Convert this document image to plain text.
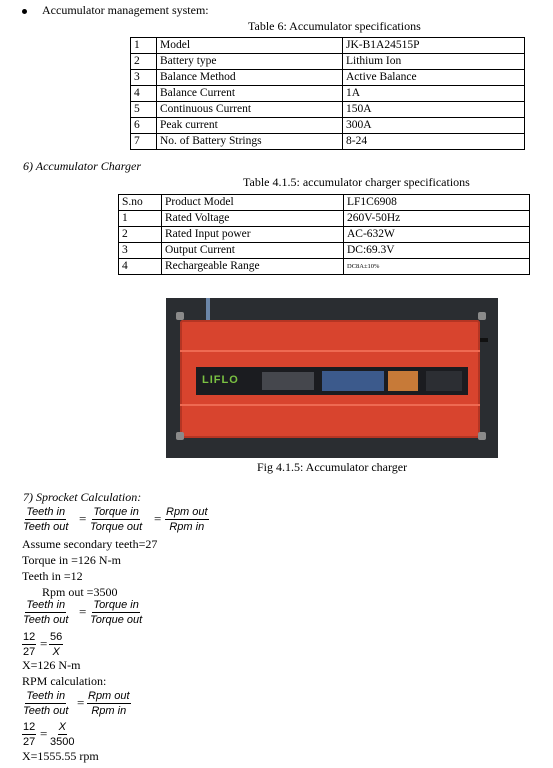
Accumulator management system:
Table 6: Accumulator specifications
1	Model	JK-B1A24515P
2	Battery type	Lithium Ion
3	Balance Method	Active Balance
4	Balance Current	1A
5	Continuous Current	150A
6	Peak current	300A
7	No. of Battery Strings	8-24
6) Accumulator Charger
Table 4.1.5: accumulator charger specifications
S.no	Product Model	LF1C6908
1	Rated Voltage	260V-50Hz
2	Rated Input power	AC-632W
3	Output Current	DC:69.3V
4	Rechargeable Range	DC8A±10%
LIFLO
Fig 4.1.5: Accumulator charger
7) Sprocket Calculation:
Teeth in
Teeth out
= Torque in
Torque out
= Rpm out
Rpm in
Assume secondary teeth=27
Torque in =126 N-m
Teeth in =12
Rpm out =3500
Teeth in
Teeth out
= Torque in
Torque out
$\frac{12}{27} = \frac{56}{X}$
X=126 N-m
RPM calculation:
Teeth in
Teeth out
= Rpm out
Rpm in
$\frac{12}{27} = \frac{X}{3500}$
X=1555.55 rpm
